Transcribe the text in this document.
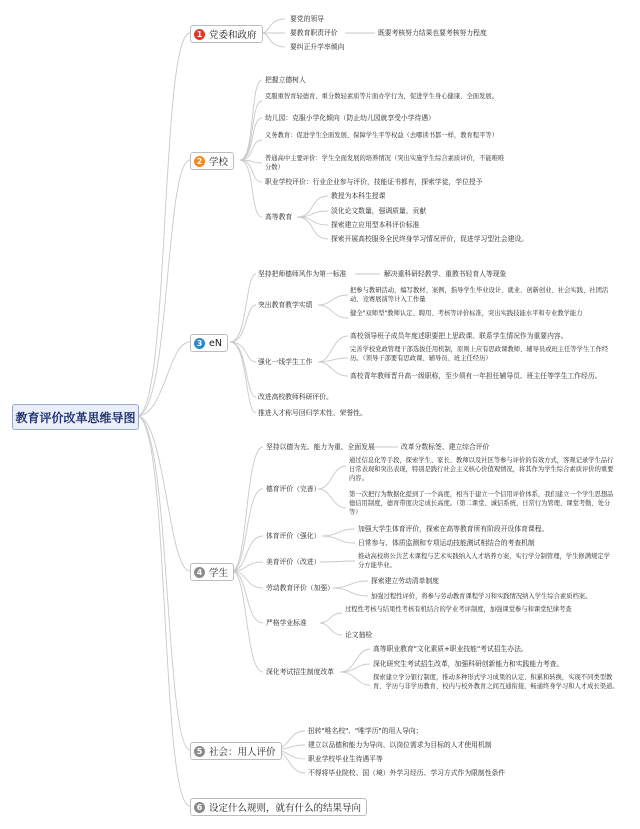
教育评价改革思维导图
1 党委和政府
2 学校
3 eN
4 学生
5 社会：用人评价
6 设定什么规则，就有什么的结果导向
要党的领导
要教育职责评价	既要考核努力结果也要考核努力程度
要纠正升学率倾向
把握立德树人
克服重智育轻德育、重分数轻素质等片面办学行为，促进学生身心健康、全面发展。
幼儿园：克服小学化倾向（防止幼儿园就享受小学待遇）
义务教育：促进学生全面发展、保障学生平等权益（去哪读书都一样，教育程平等）
普通高中主要评价：学生全面发展的培养情况（突出实施学生综合素质评价，不能唯唯分数）
职业学校评价：行业企业参与评价，技能证书都有，探索学徒，学位授予
高等教育
教授为本科生授课
淡化论文数量，强调质量、贡献
探索建立应用型本科评价标准
探索开展高校服务全民终身学习情况评价，促进学习型社会建设。
坚持把师德师风作为第一标准	解决重科研轻教学、重教书轻育人等现象
突出教育教学实绩
把参与教研活动，编写教材、案例，指导学生毕业设计、就业、创新创业、社会实践、社团活动、竞赛展演等计入工作量
健全"双师型"教师认定、聘用、考核等评价标准，突出实践技能水平和专业教学能力
强化一线学生工作
高校领导班子成员年度述职要把上思政课、联系学生情况作为重要内容。
完善学校党政管理干部选拔任用机制，原则上应有思政课教师、辅导员或班主任等学生工作经历。（领导干部要有思政课、辅导员、班主任经历）
高校青年教师晋升高一级职称，至少须有一年担任辅导员、班主任等学生工作经历。
改进高校教师科研评价。
推进人才称号回归学术性、荣誉性。
坚持以德为先、能力为重、全面发展	改革分数标签、建立综合评价
德育评价（完善）
通过信息化等手段，探索学生、家长、教师以及社区等参与评价的有效方式，客观记录学生品行日常表现和突出表现，特别是践行社会主义核心价值观情况，将其作为学生综合素质评价的重要内容。
第一次把行为数据化提到了一个高度，相当于建立一个信用评价体系，我们建立一个学生思想品德信用制度，德育带度决定成长高度。（第二课堂、诚信系统、日常行为管理、课堂考勤、处分等）
体育评价（强化）
加强大学生体育评价，探索在高等教育所有阶段开设体育课程。
日常参与、体质监测和专项运动技能测试相结合的考查机制
美育评价（改进）
推动高校将公共艺术课程与艺术实践纳入人才培养方案，实行学分制管理，学生修满规定学分方能毕业。
劳动教育评价（加强）
探索建立劳动清单制度
加强过程性评价，将参与劳动教育课程学习和实践情况纳入学生综合素质档案。
严格学业标准
过程性考核与结果性考核有机结合的学业考评制度，加强课堂参与和课堂纪律考查
论文抽检
深化考试招生制度改革
高等职业教育"文化素质+职业技能"考试招生办法。
深化研究生考试招生改革，加强科研创新能力和实践能力考查。
探索建立学分银行制度，推动多种形式学习成果的认定、积累和转换，实现不同类型教育、学历与非学历教育、校内与校外教育之间互通衔接，畅通终身学习和人才成长渠道。
扭转"唯名校"、"唯学历"的用人导向；
建立以品德和能力为导向、以岗位需求为目标的人才使用机制
职业学校毕业生待遇平等
不得将毕业院校、国（境）外学习经历、学习方式作为限制性条件
